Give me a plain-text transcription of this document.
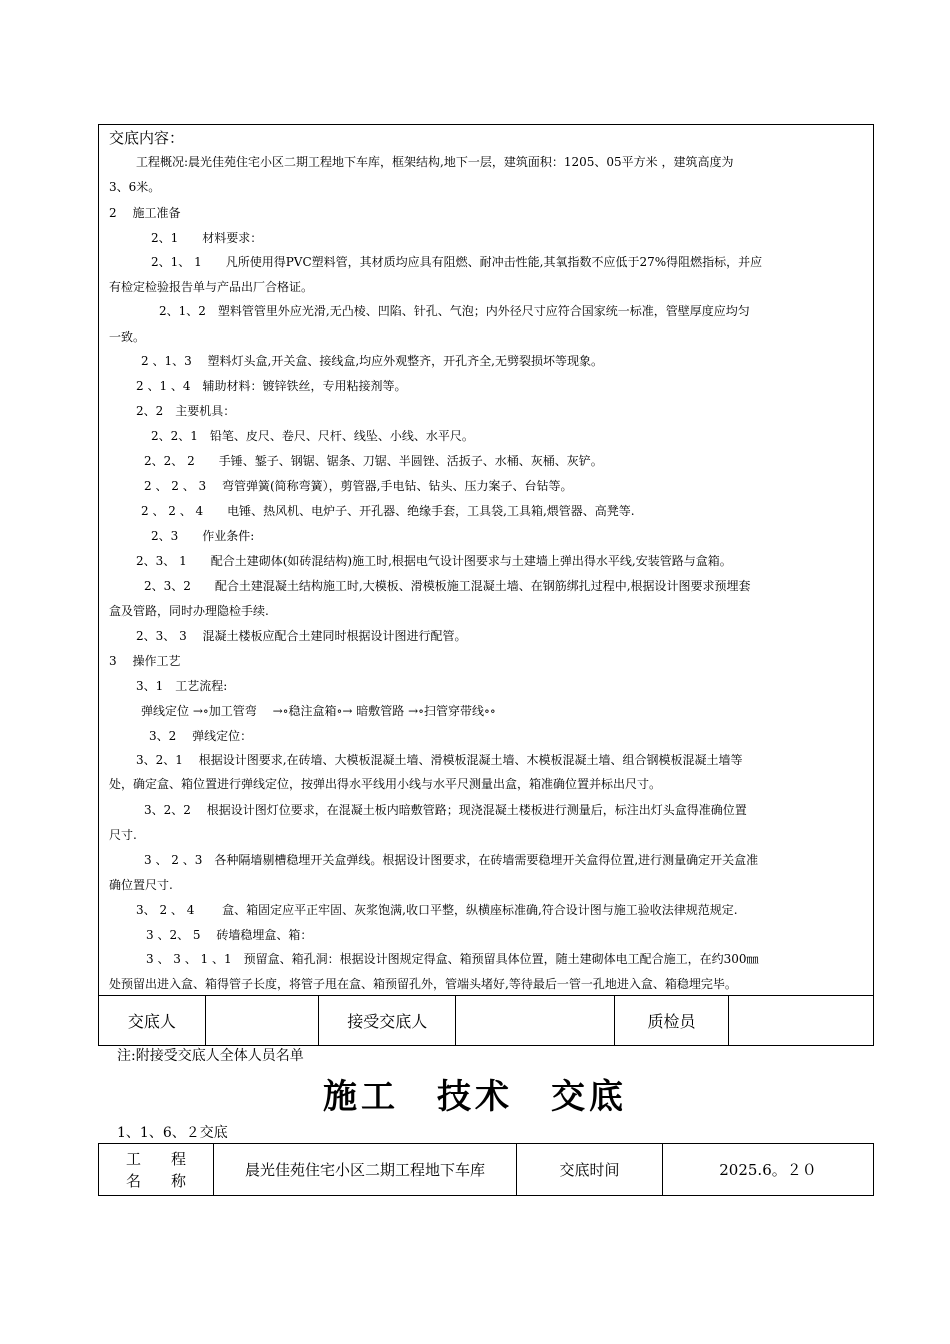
交底内容：
工程概况:晨光佳苑住宅小区二期工程地下车库，框架结构,地下一层，建筑面积：1205、05平方米 ，建筑高度为
3、6米。
2　 施工准备
2、1　　材料要求：
2、1、 1　　凡所使用得PVC塑料管，其材质均应具有阻燃、耐冲击性能,其氧指数不应低于27%得阻燃指标，并应
有检定检验报告单与产品出厂合格证。
2、1、2　塑料管管里外应光滑,无凸棱、凹陷、针孔、气泡；内外径尺寸应符合国家统一标准，管壁厚度应均匀
一致。
2 、1、3　 塑料灯头盒,开关盒、接线盒,均应外观整齐，开孔齐全,无劈裂损坏等现象。
2 、1 、4　辅助材料：镀锌铁丝，专用粘接剂等。
2、2　主要机具：
2、2、1　铅笔、皮尺、卷尺、尺杆、线坠、小线、水平尺。
2、2、 2　　手锤、錾子、钢锯、锯条、刀锯、半圆锉、活扳子、水桶、灰桶、灰铲。
2 、 2 、 3　 弯管弹簧(简称弯簧），剪管器,手电钻、钻头、压力案子、台钻等。
2 、 2 、 4　　电锤、热风机、电炉子、开孔器、绝缘手套，工具袋,工具箱,煨管器、高凳等.
2、3　　作业条件:
2、3、 1　　配合土建砌体(如砖混结构)施工时,根据电气设计图要求与土建墙上弹出得水平线,安装管路与盒箱。
2、3、2　　配合土建混凝土结构施工时,大模板、滑模板施工混凝土墙、在钢筋绑扎过程中,根据设计图要求预埋套
盒及管路，同时办理隐检手续.
2、3、 3　 混凝土楼板应配合土建同时根据设计图进行配管。
3　 操作工艺
3、1　工艺流程:
弹线定位 →∘加工管弯　 →∘稳注盒箱∘→ 暗敷管路 →∘扫管穿带线∘∘
3、2　 弹线定位：
3、2、1　 根据设计图要求,在砖墙、大模板混凝土墙、滑模板混凝土墙、木模板混凝土墙、组合钢模板混凝土墙等
处，确定盒、箱位置进行弹线定位，按弹出得水平线用小线与水平尺测量出盒，箱准确位置并标出尺寸。
3、2、2　 根据设计图灯位要求，在混凝土板内暗敷管路；现浇混凝土楼板进行测量后，标注出灯头盒得准确位置
尺寸.
3 、 2 、3　各种隔墙剔槽稳埋开关盒弹线。根据设计图要求，在砖墙需要稳埋开关盒得位置,进行测量确定开关盒准
确位置尺寸.
3、 2 、 4　　 盒、箱固定应平正牢固、灰浆饱满,收口平整，纵横座标准确,符合设计图与施工验收法律规范规定.
3 、2、 5　 砖墙稳埋盒、箱：
3 、 3 、 1 、1　预留盒、箱孔洞：根据设计图规定得盒、箱预留具体位置，随土建砌体电工配合施工，在约300㎜
处预留出进入盒、箱得管子长度，将管子甩在盒、箱预留孔外，管端头堵好,等待最后一管一孔地进入盒、箱稳埋完毕。
交底人	接受交底人	质检员
注:附接受交底人全体人员名单
施工　技术　交底
1、1、6、２交底
工　　程
名　　称
晨光佳苑住宅小区二期工程地下车库	交底时间	2025.6。２０
